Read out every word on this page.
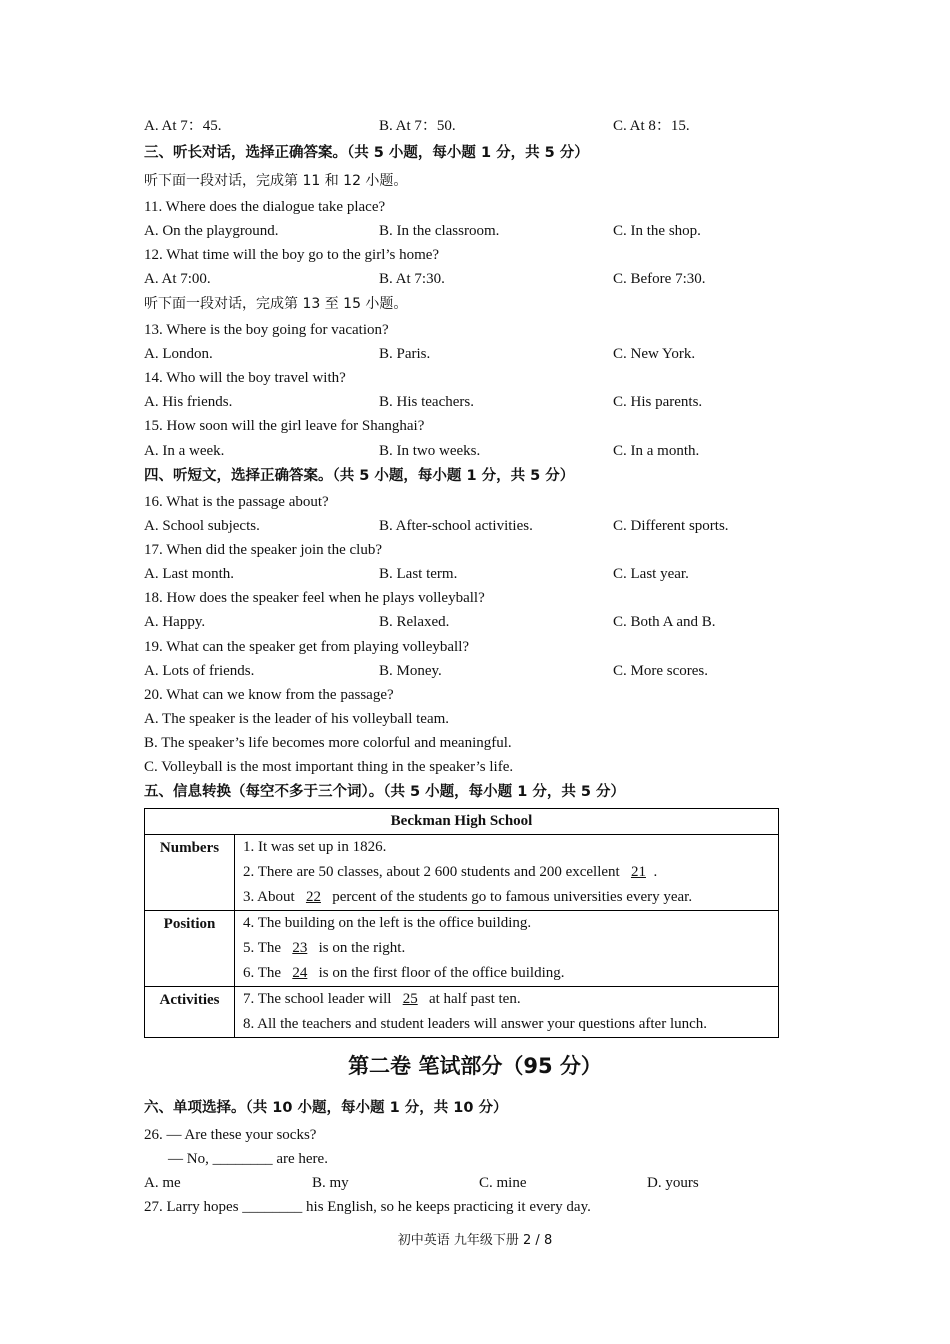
A. At 7：45.	B. At 7：50.	C. At 8：15.
三、听长对话，选择正确答案。（共 5 小题，每小题 1 分，共 5 分）
听下面一段对话，完成第 11 和 12 小题。
11. Where does the dialogue take place?
A. On the playground.	B. In the classroom.	C. In the shop.
12. What time will the boy go to the girl’s home?
A. At 7:00.	B. At 7:30.	C. Before 7:30.
听下面一段对话，完成第 13 至 15 小题。
13. Where is the boy going for vacation?
A. London.	B. Paris.	C. New York.
14. Who will the boy travel with?
A. His friends.	B. His teachers.	C. His parents.
15. How soon will the girl leave for Shanghai?
A. In a week.	B. In two weeks.	C. In a month.
四、听短文，选择正确答案。（共 5 小题，每小题 1 分，共 5 分）
16. What is the passage about?
A. School subjects.	B. After-school activities.	C. Different sports.
17. When did the speaker join the club?
A. Last month.	B. Last term.	C. Last year.
18. How does the speaker feel when he plays volleyball?
A. Happy.	B. Relaxed.	C. Both A and B.
19. What can the speaker get from playing volleyball?
A. Lots of friends.	B. Money.	C. More scores.
20. What can we know from the passage?
A. The speaker is the leader of his volleyball team.
B. The speaker’s life becomes more colorful and meaningful.
C. Volleyball is the most important thing in the speaker’s life.
五、信息转换（每空不多于三个词）。（共 5 小题，每小题 1 分，共 5 分）
Beckman High School	
Numbers	1. It was set up in 1826.
2. There are 50 classes, about 2 600 students and 200 excellent 21 .
3. About 22 percent of the students go to famous universities every year.

Position	4. The building on the left is the office building.
5. The 23 is on the right.
6. The 24 is on the first floor of the office building.

Activities	7. The school leader will 25 at half past ten.
8. All the teachers and student leaders will answer your questions after lunch.
第二卷 笔试部分（95 分）
六、单项选择。（共 10 小题，每小题 1 分，共 10 分）
26. — Are these your socks?
— No, ________ are here.
A. me	B. my	C. mine	D. yours
27. Larry hopes ________ his English, so he keeps practicing it every day.
初中英语 九年级下册 2 / 8
